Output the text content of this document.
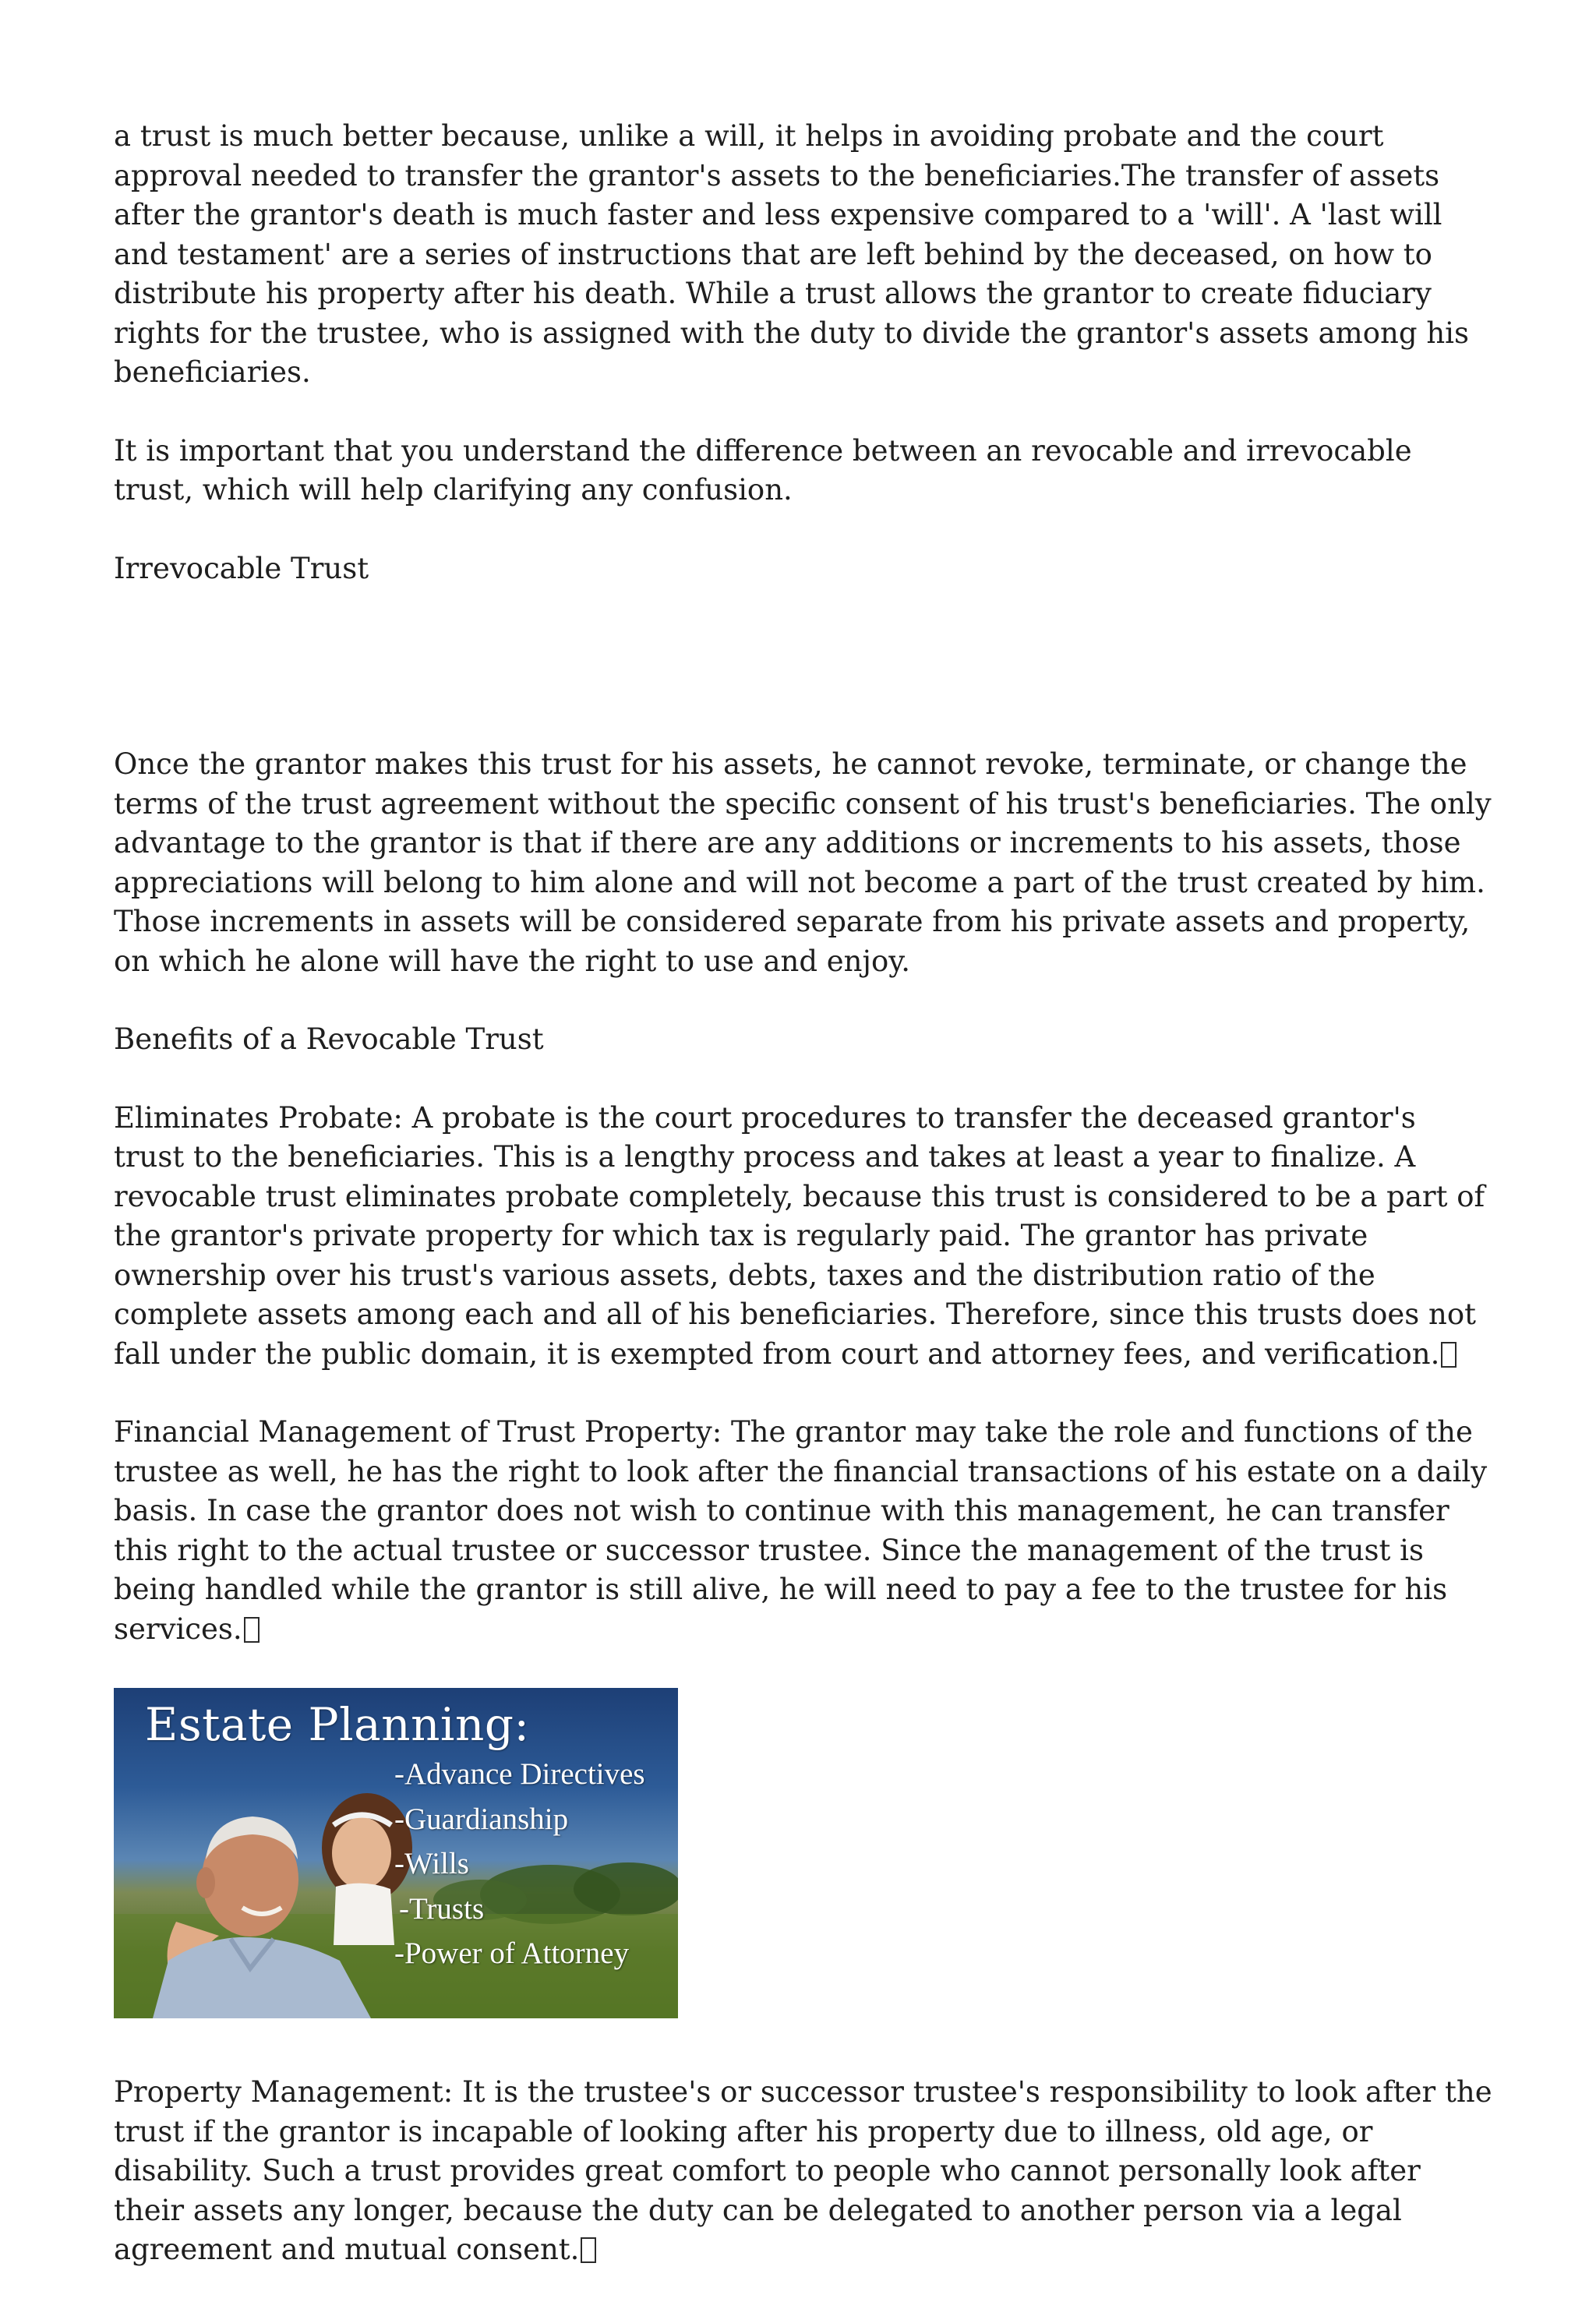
a trust is much better because, unlike a will, it helps in avoiding probate and the court approval needed to transfer the grantor's assets to the beneficiaries.The transfer of assets after the grantor's death is much faster and less expensive compared to a 'will'. A 'last will and testament' are a series of instructions that are left behind by the deceased, on how to distribute his property after his death. While a trust allows the grantor to create fiduciary rights for the trustee, who is assigned with the duty to divide the grantor's assets among his beneficiaries.

It is important that you understand the difference between an revocable and irrevocable trust, which will help clarifying any confusion.

Irrevocable Trust

Once the grantor makes this trust for his assets, he cannot revoke, terminate, or change the terms of the trust agreement without the specific consent of his trust's beneficiaries. The only advantage to the grantor is that if there are any additions or increments to his assets, those appreciations will belong to him alone and will not become a part of the trust created by him. Those increments in assets will be considered separate from his private assets and property, on which he alone will have the right to use and enjoy.

Benefits of a Revocable Trust

Eliminates Probate: A probate is the court procedures to transfer the deceased grantor's trust to the beneficiaries. This is a lengthy process and takes at least a year to finalize. A revocable trust eliminates probate completely, because this trust is considered to be a part of the grantor's private property for which tax is regularly paid. The grantor has private ownership over his trust's various assets, debts, taxes and the distribution ratio of the complete assets among each and all of his beneficiaries. Therefore, since this trusts does not fall under the public domain, it is exempted from court and attorney fees, and verification.

Financial Management of Trust Property: The grantor may take the role and functions of the trustee as well, he has the right to look after the financial transactions of his estate on a daily basis. In case the grantor does not wish to continue with this management, he can transfer this right to the actual trustee or successor trustee. Since the management of the trust is being handled while the grantor is still alive, he will need to pay a fee to the trustee for his services.

Estate Planning:
-Advance Directives
-Guardianship
-Wills
-Trusts
-Power of Attorney

Property Management: It is the trustee's or successor trustee's responsibility to look after the trust if the grantor is incapable of looking after his property due to illness, old age, or disability. Such a trust provides great comfort to people who cannot personally look after their assets any longer, because the duty can be delegated to another person via a legal agreement and mutual consent.
